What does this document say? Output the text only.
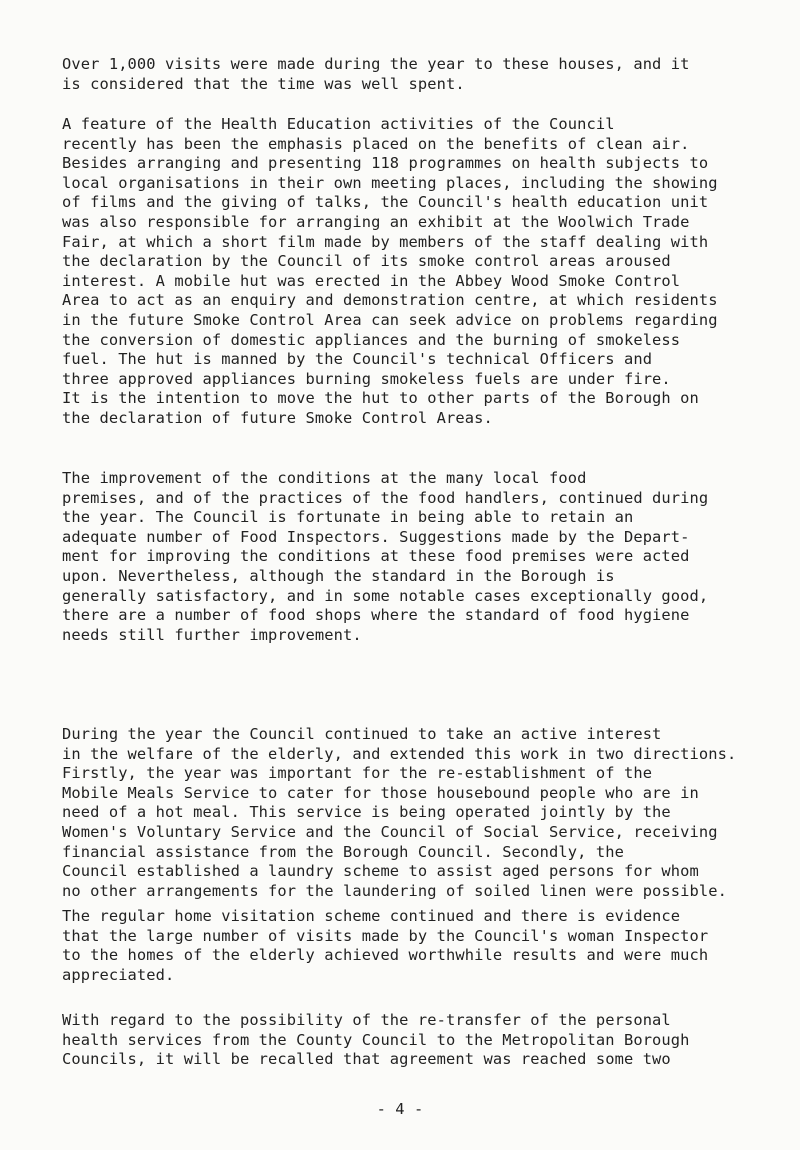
Over 1,000 visits were made during the year to these houses, and it
is considered that the time was well spent.

A feature of the Health Education activities of the Council
recently has been the emphasis placed on the benefits of clean air.
Besides arranging and presenting 118 programmes on health subjects to
local organisations in their own meeting places, including the showing
of films and the giving of talks, the Council's health education unit
was also responsible for arranging an exhibit at the Woolwich Trade
Fair, at which a short film made by members of the staff dealing with
the declaration by the Council of its smoke control areas aroused
interest. A mobile hut was erected in the Abbey Wood Smoke Control
Area to act as an enquiry and demonstration centre, at which residents
in the future Smoke Control Area can seek advice on problems regarding
the conversion of domestic appliances and the burning of smokeless
fuel. The hut is manned by the Council's technical Officers and
three approved appliances burning smokeless fuels are under fire.
It is the intention to move the hut to other parts of the Borough on
the declaration of future Smoke Control Areas.

The improvement of the conditions at the many local food
premises, and of the practices of the food handlers, continued during
the year. The Council is fortunate in being able to retain an
adequate number of Food Inspectors. Suggestions made by the Depart-
ment for improving the conditions at these food premises were acted
upon. Nevertheless, although the standard in the Borough is
generally satisfactory, and in some notable cases exceptionally good,
there are a number of food shops where the standard of food hygiene
needs still further improvement.

During the year the Council continued to take an active interest
in the welfare of the elderly, and extended this work in two directions.
Firstly, the year was important for the re-establishment of the
Mobile Meals Service to cater for those housebound people who are in
need of a hot meal. This service is being operated jointly by the
Women's Voluntary Service and the Council of Social Service, receiving
financial assistance from the Borough Council. Secondly, the
Council established a laundry scheme to assist aged persons for whom
no other arrangements for the laundering of soiled linen were possible.

The regular home visitation scheme continued and there is evidence
that the large number of visits made by the Council's woman Inspector
to the homes of the elderly achieved worthwhile results and were much
appreciated.

With regard to the possibility of the re-transfer of the personal
health services from the County Council to the Metropolitan Borough
Councils, it will be recalled that agreement was reached some two

- 4 -
